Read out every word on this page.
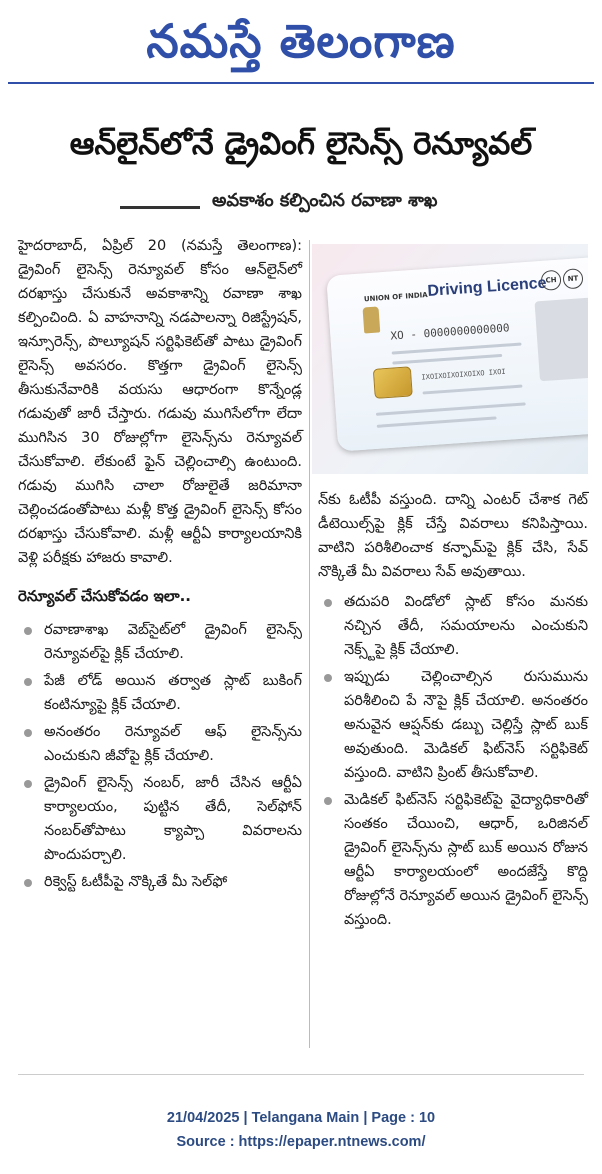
నమస్తే తెలంగాణ
ఆన్‌లైన్‌లోనే డ్రైవింగ్ లైసెన్స్ రెన్యూవల్
అవకాశం కల్పించిన రవాణా శాఖ

హైదరాబాద్, ఏప్రిల్ 20 (నమస్తే తెలంగాణ): డ్రైవింగ్ లైసెన్స్ రెన్యూవల్ కోసం ఆన్‌లైన్‌లో దరఖాస్తు చేసుకునే అవకాశాన్ని రవాణా శాఖ కల్పించింది. ఏ వాహనాన్ని నడపాలన్నా రిజిస్ట్రేషన్, ఇన్సూరెన్స్, పొల్యూషన్ సర్టిఫికెట్‌తో పాటు డ్రైవింగ్ లైసెన్స్ అవసరం. కొత్తగా డ్రైవింగ్ లైసెన్స్ తీసుకునేవారికి వయసు ఆధారంగా కొన్నేండ్ల గడువుతో జారీ చేస్తారు. గడువు ముగిసేలోగా లేదా ముగిసిన 30 రోజుల్లోగా లైసెన్స్‌ను రెన్యూవల్ చేసుకోవాలి. లేకుంటే ఫైన్ చెల్లించాల్సి ఉంటుంది. గడువు ముగిసి చాలా రోజులైతే జరిమానా చెల్లించడంతోపాటు మళ్లీ కొత్త డ్రైవింగ్ లైసెన్స్ కోసం దరఖాస్తు చేసుకోవాలి. మళ్లీ ఆర్టీఏ కార్యాలయానికి వెళ్లి పరీక్షకు హాజరు కావాలి.

రెన్యూవల్ చేసుకోవడం ఇలా..

రవాణాశాఖ వెబ్‌సైట్‌లో డ్రైవింగ్ లైసెన్స్ రెన్యూవల్‌పై క్లిక్ చేయాలి.
పేజీ లోడ్ అయిన తర్వాత స్లాట్ బుకింగ్ కంటిన్యూపై క్లిక్ చేయాలి.
అనంతరం రెన్యూవల్ ఆఫ్ లైసెన్స్‌ను ఎంచుకుని జీవోపై క్లిక్ చేయాలి.
డ్రైవింగ్ లైసెన్స్ నంబర్, జారీ చేసిన ఆర్టీఏ కార్యాలయం, పుట్టిన తేదీ, సెల్‌ఫోన్ నంబర్‌తోపాటు క్యాప్చా వివరాలను పొందుపర్చాలి.
రిక్వెస్ట్ ఓటీపీపై నొక్కితే మీ సెల్‌ఫో
UNION OF INDIA Driving Licence
CH	NT
XO - 0000000000000
IXOIXOIXOIXOIXO IXOI

న్‌కు ఓటీపీ వస్తుంది. దాన్ని ఎంటర్ చేశాక గెట్ డీటెయిల్స్‌పై క్లిక్ చేస్తే వివరాలు కనిపిస్తాయి. వాటిని పరిశీలించాక కన్ఫామ్‌పై క్లిక్ చేసి, సేవ్ నొక్కితే మీ వివరాలు సేవ్ అవుతాయి.

తదుపరి విండోలో స్లాట్ కోసం మనకు నచ్చిన తేదీ, సమయాలను ఎంచుకుని నెక్స్ట్‌పై క్లిక్ చేయాలి.
ఇప్పుడు చెల్లించాల్సిన రుసుమును పరిశీలించి పే నౌపై క్లిక్ చేయాలి. అనంతరం అనువైన ఆప్షన్‌కు డబ్బు చెల్లిస్తే స్లాట్ బుక్ అవుతుంది. మెడికల్ ఫిట్‌నెస్ సర్టిఫికెట్ వస్తుంది. వాటిని ప్రింట్ తీసుకోవాలి.
మెడికల్ ఫిట్‌నెస్ సర్టిఫికెట్‌పై వైద్యాధికారితో సంతకం చేయించి, ఆధార్, ఒరిజినల్ డ్రైవింగ్ లైసెన్స్‌ను స్లాట్ బుక్ అయిన రోజున ఆర్టీఏ కార్యాలయంలో అందజేస్తే కొద్ది రోజుల్లోనే రెన్యూవల్ అయిన డ్రైవింగ్ లైసెన్స్ వస్తుంది.
21/04/2025 | Telangana Main | Page : 10
Source : https://epaper.ntnews.com/
